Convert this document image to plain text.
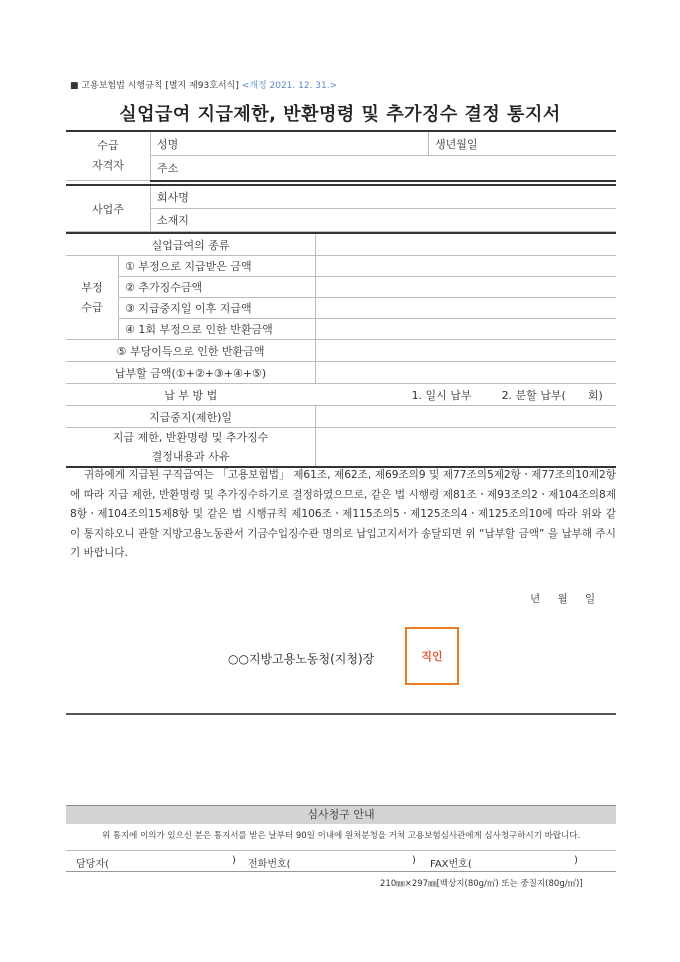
■ 고용보험법 시행규칙 [별지 제93호서식] <개정 2021. 12. 31.>
실업급여 지급제한, 반환명령 및 추가징수 결정 통지서
수급
자격자	성명	생년월일
주소
사업주	회사명
소재지
실업급여의 종류			
부정
수급	① 부정으로 지급받은 금액		
	② 추가징수금액		
	③ 지급중지일 이후 지급액		
	④ 1회 부정으로 인한 반환금액		
⑤ 부당이득으로 인한 반환금액			
납부할 금액(①+②+③+④+⑤)			
납 부 방 법		1. 일시 납부	2. 분할 납부( 회)
지급중지(제한)일			
지급 제한, 반환명령 및 추가징수
결정내용과 사유			
귀하에게 지급된 구직급여는 「고용보험법」 제61조, 제62조, 제69조의9 및 제77조의5제2항ㆍ제77조의10제2항에 따라 지급 제한, 반환명령 및 추가징수하기로 결정하였으므로, 같은 법 시행령 제81조ㆍ제93조의2ㆍ제104조의8제8항ㆍ제104조의15제8항 및 같은 법 시행규칙 제106조ㆍ제115조의5ㆍ제125조의4ㆍ제125조의10에 따라 위와 같이 통지하오니 관할 지방고용노동관서 기금수입징수관 명의로 납입고지서가 송달되면 위 “납부할 금액” 을 납부해 주시기 바랍니다.
년 월 일
○○지방고용노동청(지청)장	직인
심사청구 안내
위 통지에 이의가 있으신 분은 통지서를 받은 날부터 90일 이내에 원처분청을 거쳐 고용보험심사관에게 심사청구하시기 바랍니다.
담당자(	) 전화번호(	) FAX번호(	)
210㎜×297㎜[백상지(80g/㎡) 또는 중질지(80g/㎡)]
